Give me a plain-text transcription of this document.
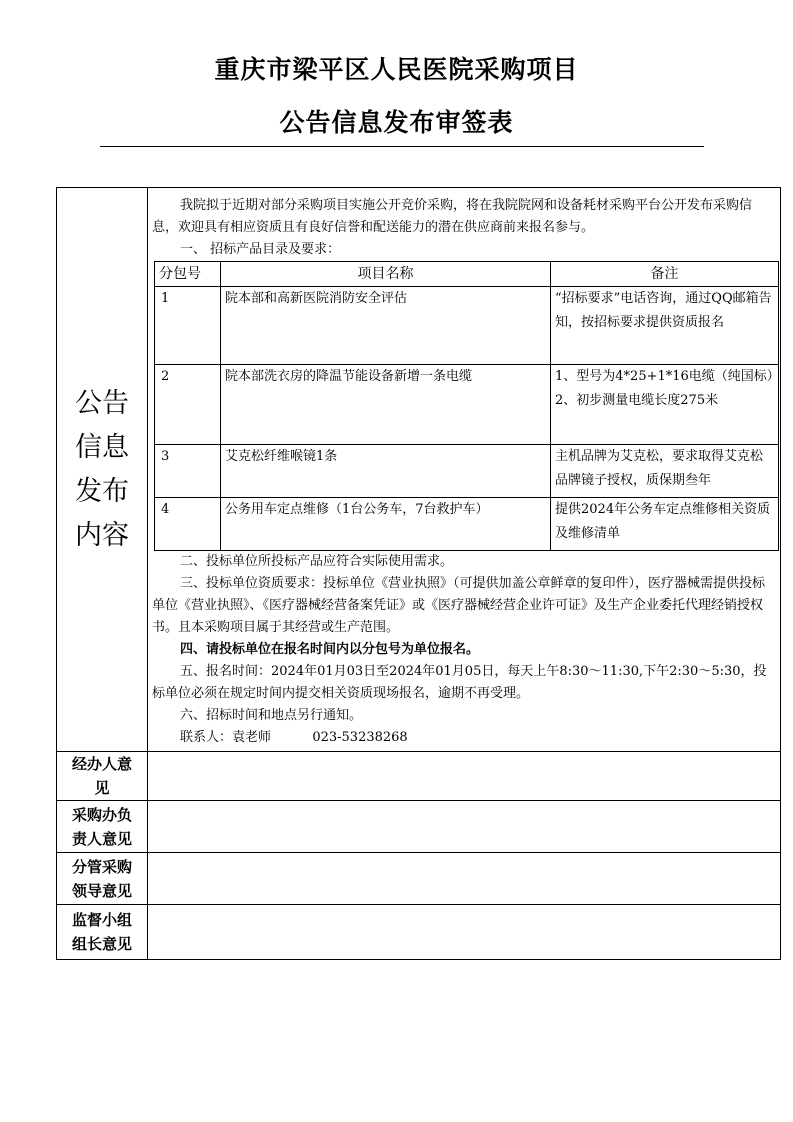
重庆市梁平区人民医院采购项目
公告信息发布审签表
公告
信息
发布
内容

我院拟于近期对部分采购项目实施公开竞价采购，将在我院院网和设备耗材采购平台公开发布采购信息，欢迎具有相应资质且有良好信誉和配送能力的潜在供应商前来报名参与。

一、 招标产品目录及要求：

分包号	项目名称	备注
1	院本部和高新医院消防安全评估	“招标要求”电话咨询，通过QQ邮箱告知，按招标要求提供资质报名
2	院本部洗衣房的降温节能设备新增一条电缆	1、型号为4*25+1*16电缆（纯国标）
2、初步测量电缆长度275米

3	艾克松纤维喉镜1条	主机品牌为艾克松，要求取得艾克松品牌镜子授权，质保期叁年
4	公务用车定点维修（1台公务车，7台救护车）	提供2024年公务车定点维修相关资质及维修清单

二、投标单位所投标产品应符合实际使用需求。

三、投标单位资质要求：投标单位《营业执照》（可提供加盖公章鲜章的复印件），医疗器械需提供投标单位《营业执照》、《医疗器械经营备案凭证》或《医疗器械经营企业许可证》及生产企业委托代理经销授权书。且本采购项目属于其经营或生产范围。

四、请投标单位在报名时间内以分包号为单位报名。

五、报名时间：2024年01月03日至2024年01月05日，每天上午8:30～11:30,下午2:30～5:30，投标单位必须在规定时间内提交相关资质现场报名，逾期不再受理。

六、招标时间和地点另行通知。

联系人：袁老师          023-53238268

经办人意
见

采购办负
责人意见

分管采购
领导意见

监督小组
组长意见
